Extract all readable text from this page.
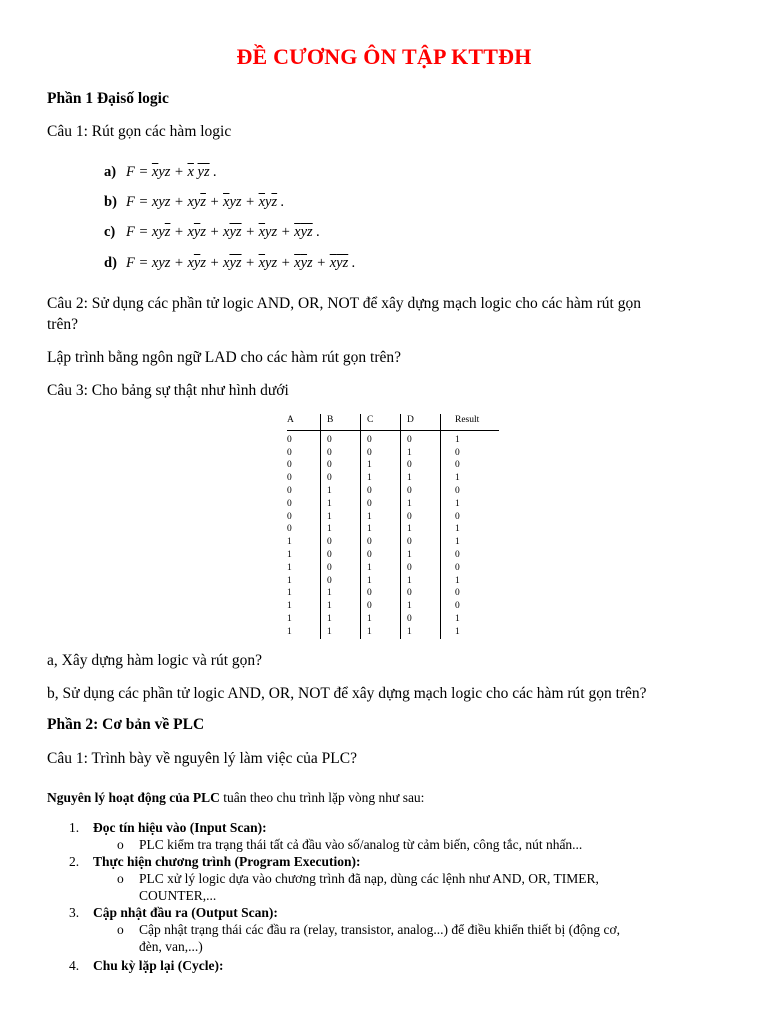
ĐỀ CƯƠNG ÔN TẬP KTTĐH
Phần 1 Đạisố logic
Câu 1: Rút gọn các hàm logic
a) $F = \overline{x}yz + \overline{x}$ $\overline{yz}$ .
b) F = xyz + $xy\overline{z} + \overline{x}yz + \overline{x}y\overline{z}$ .
c) $F = xy\overline{z} + x\overline{y}z + x\overline{yz} + \overline{x}yz + \overline{x}\overline{yz}$ .
d) F = xyz + $x\overline{y}z + x\overline{yz} + \overline{x}yz + \overline{x}\overline{y}z + \overline{x}\overline{yz}$ .
Câu 2: Sử dụng các phần tử logic AND, OR, NOT để xây dựng mạch logic cho các hàm rút gọn
trên?
Lập trình bằng ngôn ngữ LAD cho các hàm rút gọn trên?
Câu 3: Cho bảng sự thật như hình dưới
A	B	C	D	Result
0	0	0	0	1
0	0	0	1	0
0	0	1	0	0
0	0	1	1	1
0	1	0	0	0
0	1	0	1	1
0	1	1	0	0
0	1	1	1	1
1	0	0	0	1
1	0	0	1	0
1	0	1	0	0
1	0	1	1	1
1	1	0	0	0
1	1	0	1	0
1	1	1	0	1
1	1	1	1	1
a, Xây dựng hàm logic và rút gọn?
b, Sử dụng các phần tử logic AND, OR, NOT để xây dựng mạch logic cho các hàm rút gọn trên?
Phần 2: Cơ bản về PLC
Câu 1: Trình bày về nguyên lý làm việc của PLC?
Nguyên lý hoạt động của PLC tuân theo chu trình lặp vòng như sau:
1. Đọc tín hiệu vào (Input Scan):
o PLC kiểm tra trạng thái tất cả đầu vào số/analog từ cảm biến, công tắc, nút nhấn...
2. Thực hiện chương trình (Program Execution):
o PLC xử lý logic dựa vào chương trình đã nạp, dùng các lệnh như AND, OR, TIMER,
COUNTER,...
3. Cập nhật đầu ra (Output Scan):
o Cập nhật trạng thái các đầu ra (relay, transistor, analog...) để điều khiển thiết bị (động cơ,
đèn, van,...)
4. Chu kỳ lặp lại (Cycle):
